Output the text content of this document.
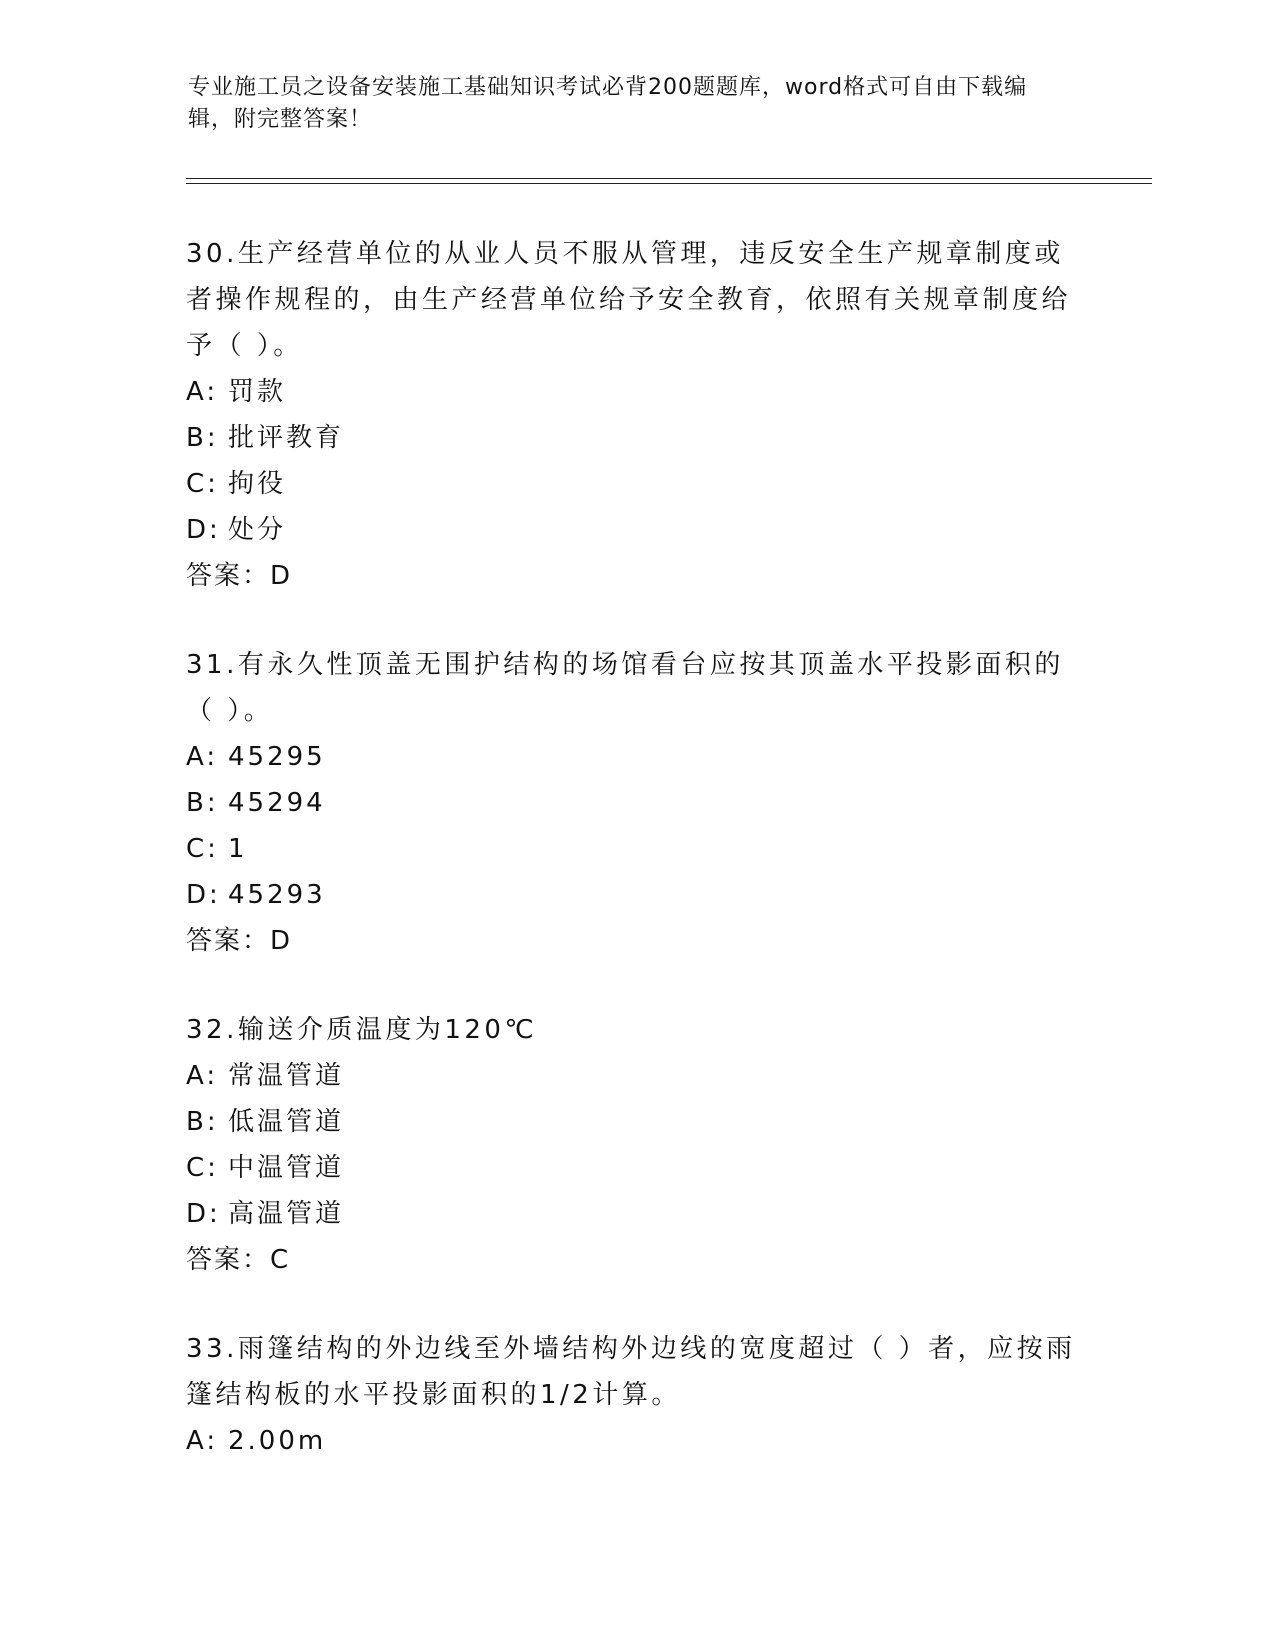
专业施工员之设备安装施工基础知识考试必背200题题库，word格式可自由下载编辑，附完整答案！

30.生产经营单位的从业人员不服从管理，违反安全生产规章制度或者操作规程的，由生产经营单位给予安全教育，依照有关规章制度给予（ ）。

A: 罚款

B: 批评教育

C: 拘役

D: 处分

答案：D

31.有永久性顶盖无围护结构的场馆看台应按其顶盖水平投影面积的（ ）。

A: 45295

B: 45294

C: 1

D: 45293

答案：D

32.输送介质温度为120℃

A: 常温管道

B: 低温管道

C: 中温管道

D: 高温管道

答案：C

33.雨篷结构的外边线至外墙结构外边线的宽度超过（ ）者，应按雨篷结构板的水平投影面积的1/2计算。

A: 2.00m
